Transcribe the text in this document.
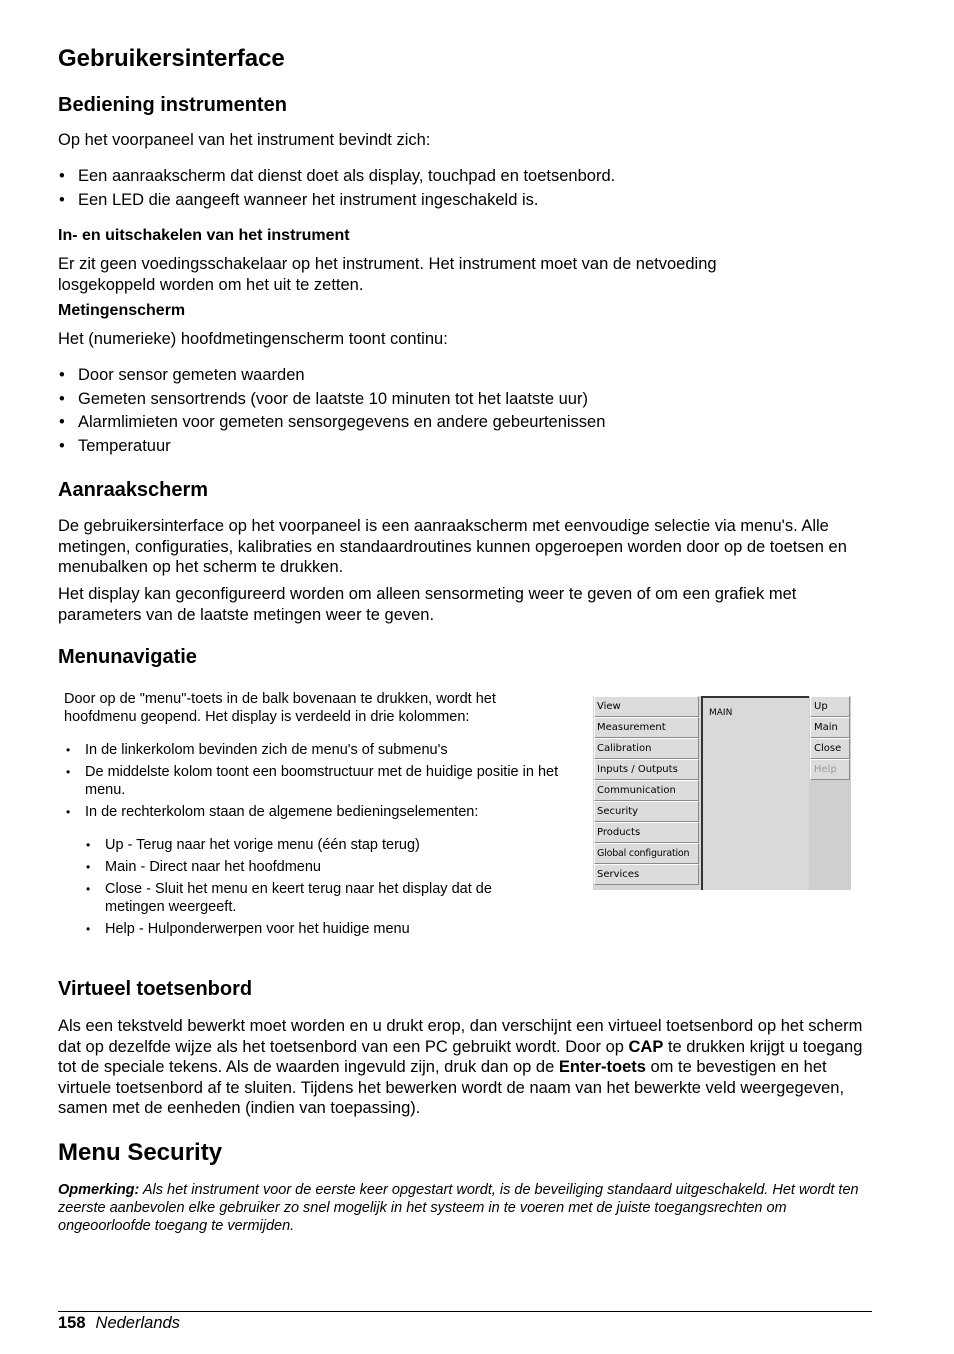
Gebruikersinterface
Bediening instrumenten

Op het voorpaneel van het instrument bevindt zich:

• Een aanraakscherm dat dienst doet als display, touchpad en toetsenbord.
• Een LED die aangeeft wanneer het instrument ingeschakeld is.
In- en uitschakelen van het instrument

Er zit geen voedingsschakelaar op het instrument. Het instrument moet van de netvoeding losgekoppeld worden om het uit te zetten.

Metingenscherm

Het (numerieke) hoofdmetingenscherm toont continu:

• Door sensor gemeten waarden
• Gemeten sensortrends (voor de laatste 10 minuten tot het laatste uur)
• Alarmlimieten voor gemeten sensorgegevens en andere gebeurtenissen
• Temperatuur
Aanraakscherm

De gebruikersinterface op het voorpaneel is een aanraakscherm met eenvoudige selectie via menu's. Alle metingen, configuraties, kalibraties en standaardroutines kunnen opgeroepen worden door op de toetsen en menubalken op het scherm te drukken.

Het display kan geconfigureerd worden om alleen sensormeting weer te geven of om een grafiek met parameters van de laatste metingen weer te geven.

Menunavigatie

Door op de "menu"-toets in de balk bovenaan te drukken, wordt het hoofdmenu geopend. Het display is verdeeld in drie kolommen:

• In de linkerkolom bevinden zich de menu's of submenu's
• De middelste kolom toont een boomstructuur met de huidige positie in het menu.
• In de rechterkolom staan de algemene bedieningselementen:
• Up - Terug naar het vorige menu (één stap terug)
• Main - Direct naar het hoofdmenu
• Close - Sluit het menu en keert terug naar het display dat de metingen weergeeft.
• Help - Hulponderwerpen voor het huidige menu
Virtueel toetsenbord

Als een tekstveld bewerkt moet worden en u drukt erop, dan verschijnt een virtueel toetsenbord op het scherm dat op dezelfde wijze als het toetsenbord van een PC gebruikt wordt. Door op CAP te drukken krijgt u toegang tot de speciale tekens. Als de waarden ingevuld zijn, druk dan op de Enter-toets om te bevestigen en het virtuele toetsenbord af te sluiten. Tijdens het bewerken wordt de naam van het bewerkte veld weergegeven, samen met de eenheden (indien van toepassing).

Menu Security

Opmerking: Als het instrument voor de eerste keer opgestart wordt, is de beveiliging standaard uitgeschakeld. Het wordt ten zeerste aanbevolen elke gebruiker zo snel mogelijk in het systeem in te voeren met de juiste toegangsrechten om ongeoorloofde toegang te vermijden.

View
Measurement
Calibration
Inputs / Outputs
Communication
Security
Products
Global configuration
Services
MAIN
Up
Main
Close
Help
158 Nederlands
